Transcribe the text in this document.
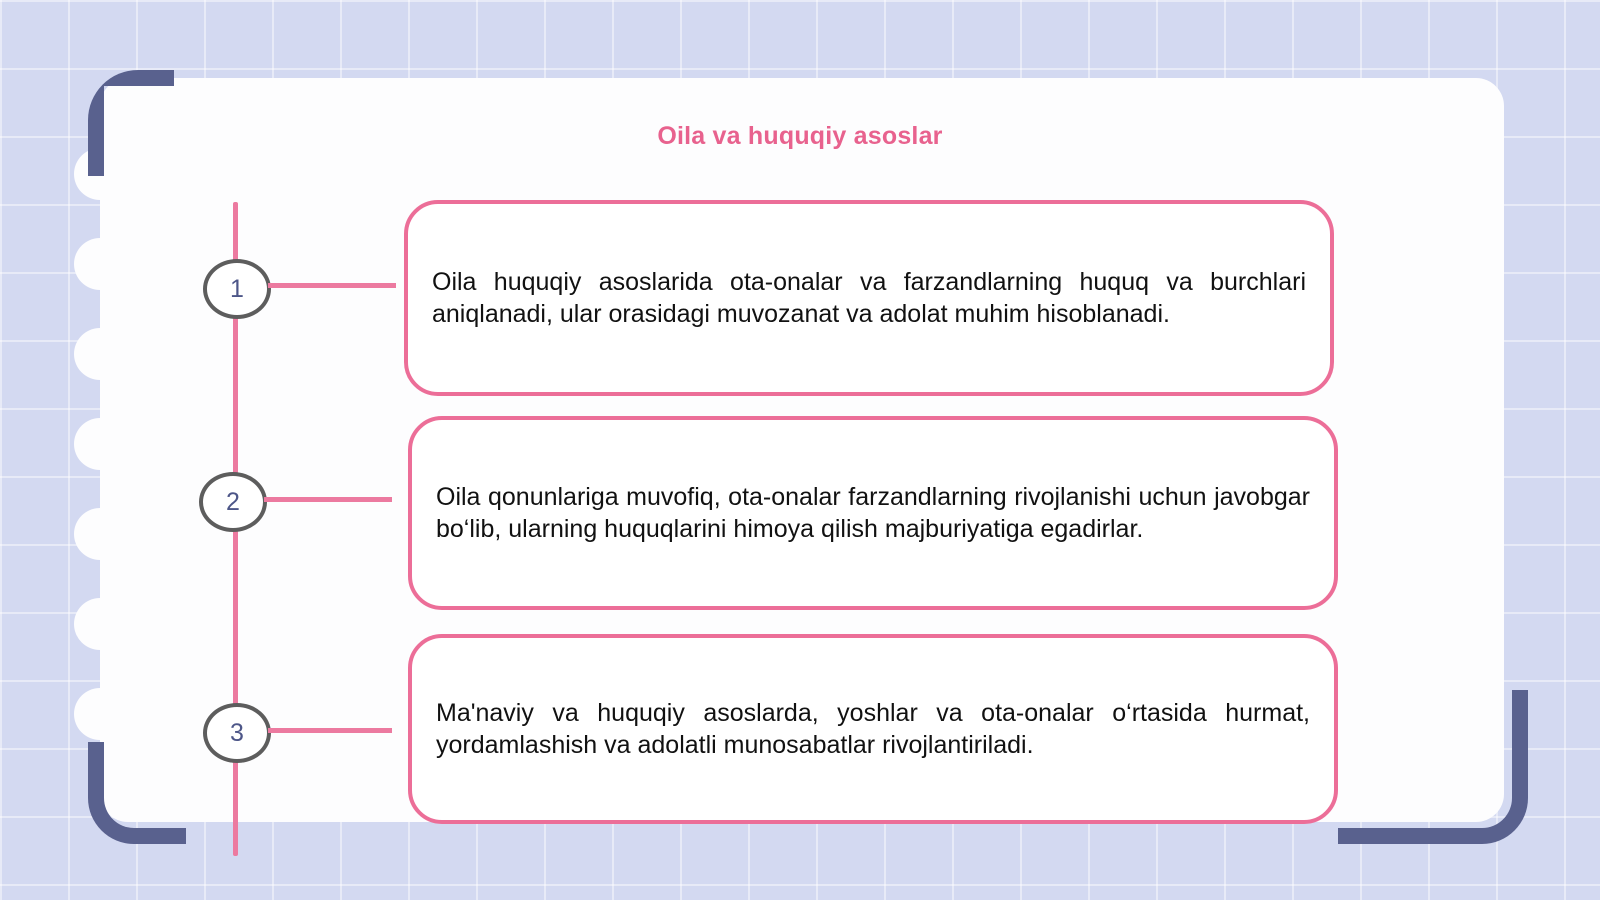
Oila va huquqiy asoslar
1	Oila huquqiy asoslarida ota-onalar va farzandlarning huquq va burchlari aniqlanadi, ular orasidagi muvozanat va adolat muhim hisoblanadi.

2	Oila qonunlariga muvofiq, ota-onalar farzandlarning rivojlanishi uchun javobgar bo‘lib, ularning huquqlarini himoya qilish majburiyatiga egadirlar.

3

Ma'naviy va huquqiy asoslarda, yoshlar va ota-onalar o‘rtasida hurmat, yordamlashish va adolatli munosabatlar rivojlantiriladi.
